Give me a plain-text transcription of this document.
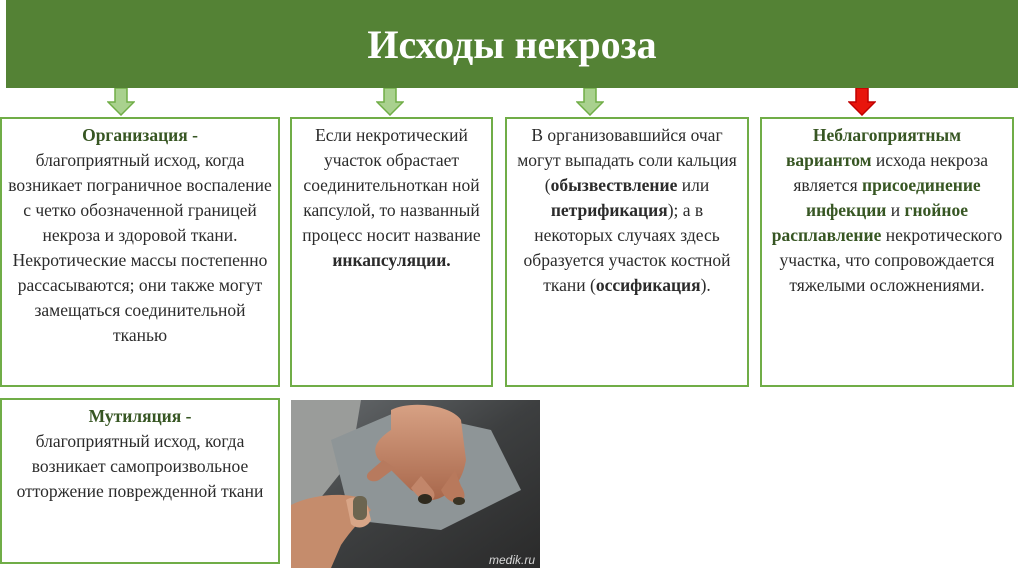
Исходы некроза
Организация -
благоприятный исход, когда возникает пограничное воспаление с четко обозначенной границей некроза и здоровой ткани. Некротические массы постепенно рассасываются; они также могут замещаться соединительной тканью
Если некротический участок обрастает соединительноткан ной капсулой, то названный процесс носит название инкапсуляции.
В организовавшийся очаг могут выпадать соли кальция (обызвествление или петрификация); а в некоторых случаях здесь образуется участок костной ткани (оссификация).
Неблагоприятным вариантом исхода некроза является присоединение инфекции и гнойное расплавление некротического участка, что сопровождается тяжелыми осложнениями.
Мутиляция -
благоприятный исход, когда возникает самопроизвольное отторжение поврежденной ткани
medik.ru
